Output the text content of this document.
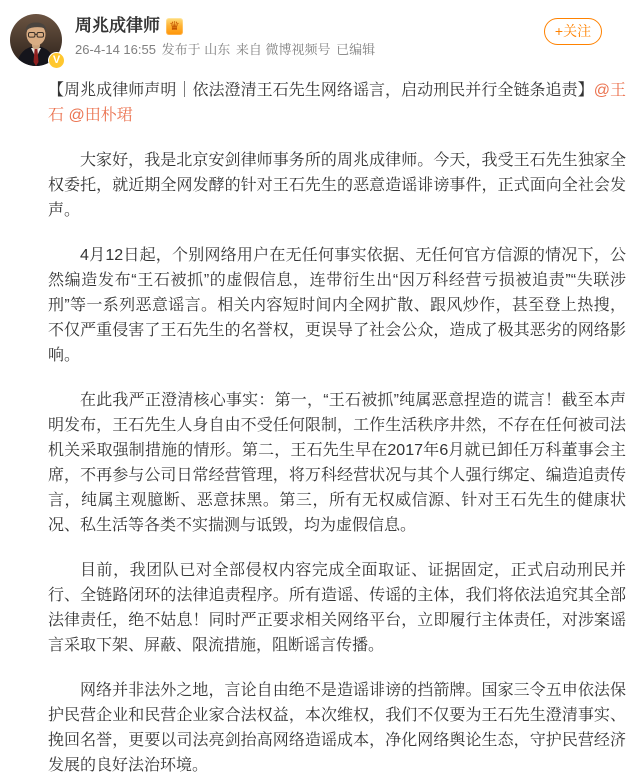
V
周兆成律师 ♛
26-4-14 16:55 发布于 山东 来自 微博视频号 已编辑
+关注

【周兆成律师声明｜依法澄清王石先生网络谣言，启动刑民并行全链条追责】@王石 @田朴珺

大家好，我是北京安剑律师事务所的周兆成律师。今天，我受王石先生独家全权委托，就近期全网发酵的针对王石先生的恶意造谣诽谤事件，正式面向全社会发声。

4月12日起，个别网络用户在无任何事实依据、无任何官方信源的情况下，公然编造发布“王石被抓”的虚假信息，连带衍生出“因万科经营亏损被追责”“失联涉刑”等一系列恶意谣言。相关内容短时间内全网扩散、跟风炒作，甚至登上热搜，不仅严重侵害了王石先生的名誉权，更误导了社会公众，造成了极其恶劣的网络影响。

在此我严正澄清核心事实：第一，“王石被抓”纯属恶意捏造的谎言！截至本声明发布，王石先生人身自由不受任何限制，工作生活秩序井然，不存在任何被司法机关采取强制措施的情形。第二，王石先生早在2017年6月就已卸任万科董事会主席，不再参与公司日常经营管理，将万科经营状况与其个人强行绑定、编造追责传言，纯属主观臆断、恶意抹黑。第三，所有无权威信源、针对王石先生的健康状况、私生活等各类不实揣测与诋毁，均为虚假信息。

目前，我团队已对全部侵权内容完成全面取证、证据固定，正式启动刑民并行、全链路闭环的法律追责程序。所有造谣、传谣的主体，我们将依法追究其全部法律责任，绝不姑息！同时严正要求相关网络平台，立即履行主体责任，对涉案谣言采取下架、屏蔽、限流措施，阻断谣言传播。

网络并非法外之地，言论自由绝不是造谣诽谤的挡箭牌。国家三令五申依法保护民营企业和民营企业家合法权益，本次维权，我们不仅要为王石先生澄清事实、挽回名誉，更要以司法亮剑抬高网络造谣成本，净化网络舆论生态，守护民营经济发展的良好法治环境。
